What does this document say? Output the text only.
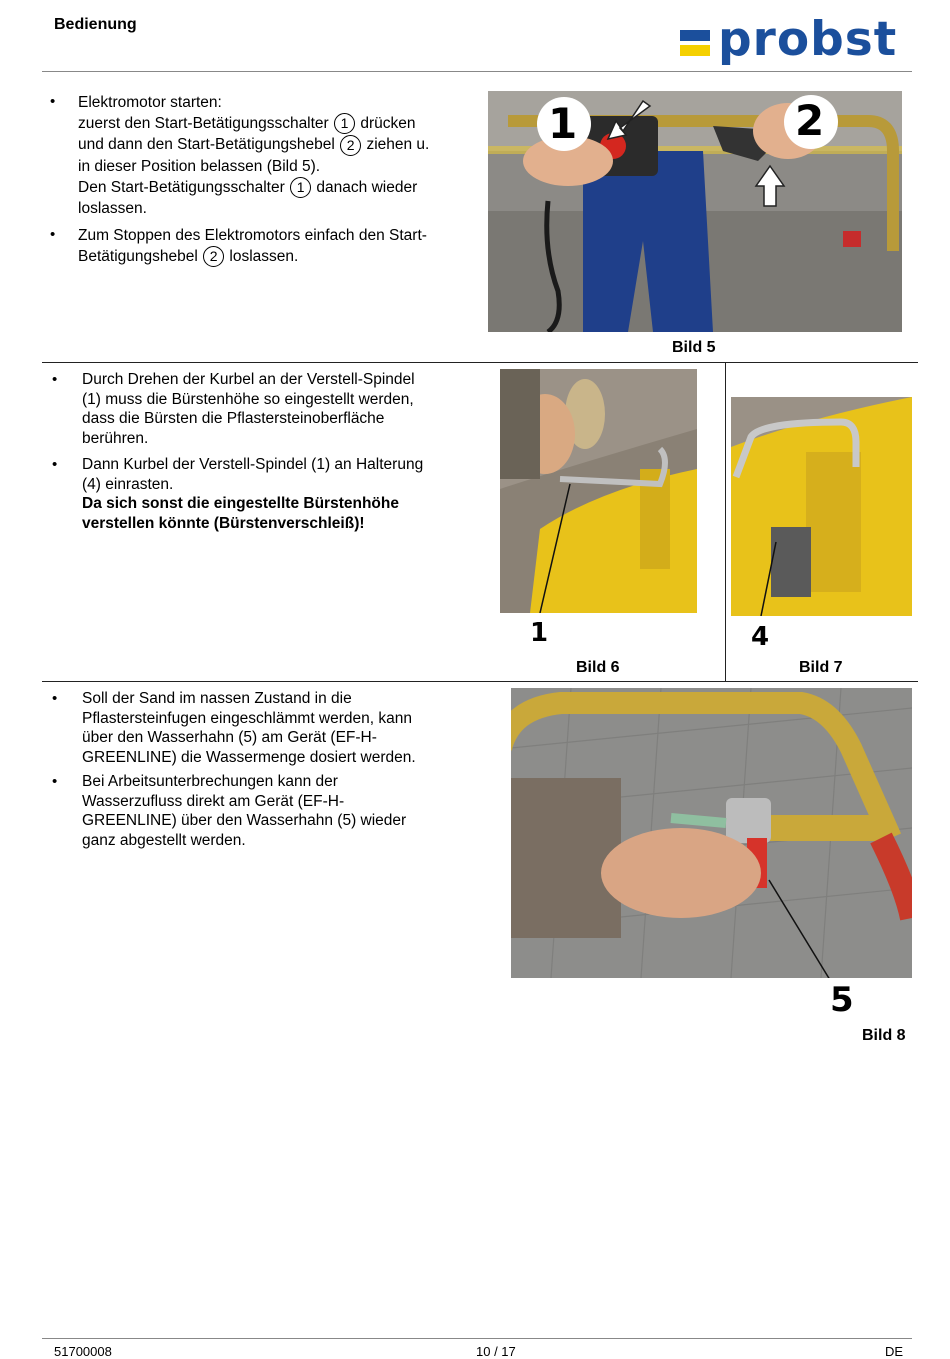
Bedienung	probst
• Elektromotor starten:
zuerst den Start-Betätigungsschalter 1 drücken
und dann den Start-Betätigungshebel 2 ziehen u.
in dieser Position belassen (Bild 5).
Den Start-Betätigungsschalter 1 danach wieder
loslassen.
• Zum Stoppen des Elektromotors einfach den Start-
Betätigungshebel 2 loslassen.
1	2
Bild 5
• Durch Drehen der Kurbel an der Verstell-Spindel
(1) muss die Bürstenhöhe so eingestellt werden,
dass die Bürsten die Pflastersteinoberfläche
berühren.
• Dann Kurbel der Verstell-Spindel (1) an Halterung
(4) einrasten.
Da sich sonst die eingestellte Bürstenhöhe
verstellen könnte (Bürstenverschleiß)!
1
Bild 6
4
Bild 7
• Soll der Sand im nassen Zustand in die
Pflastersteinfugen eingeschlämmt werden, kann
über den Wasserhahn (5) am Gerät (EF-H-
GREENLINE) die Wassermenge dosiert werden.
• Bei Arbeitsunterbrechungen kann der
Wasserzufluss direkt am Gerät (EF-H-
GREENLINE) über den Wasserhahn (5) wieder
ganz abgestellt werden.
5
Bild 8
51700008	10 / 17	DE
